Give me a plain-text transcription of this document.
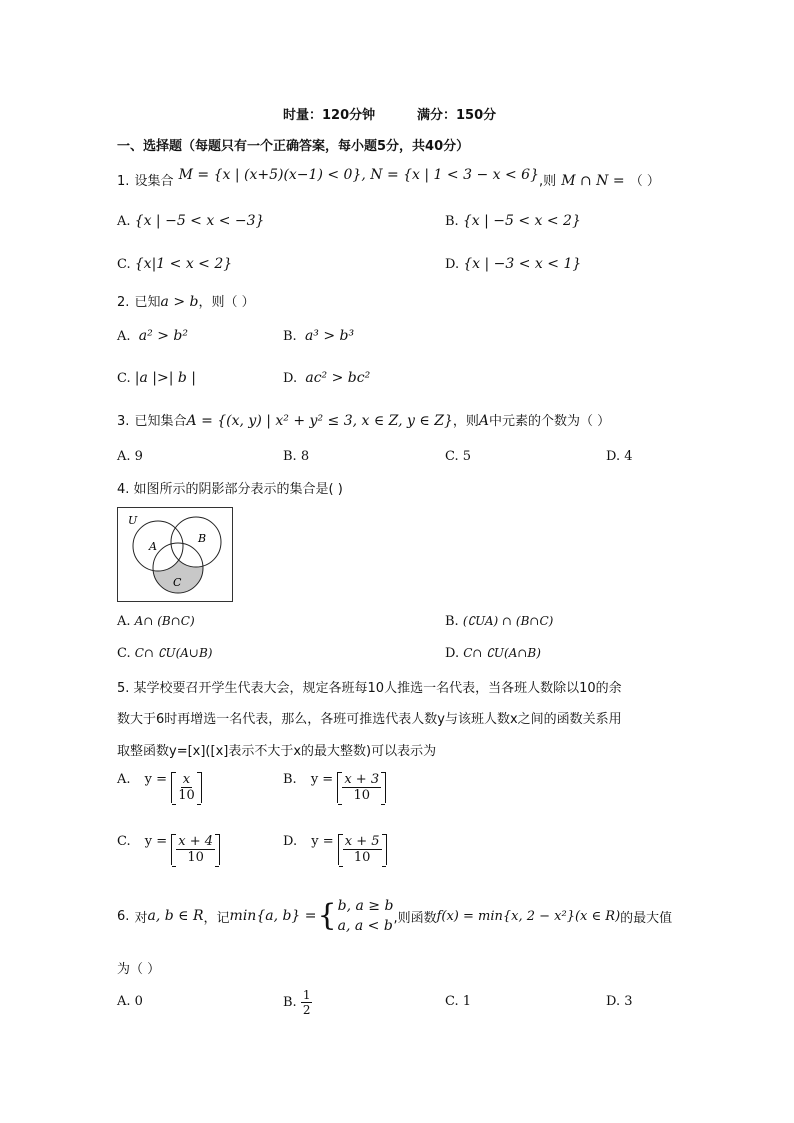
时量：120分钟	满分：150分
一、选择题（每题只有一个正确答案，每小题5分，共40分）
1. 设集合 M = {x | (x+5)(x−1) < 0}, N = {x | 1 < 3 − x < 6},则 M ∩ N = （ ）
A. {x | −5 < x < −3}	B. {x | −5 < x < 2}
C. {x|1 < x < 2}	D. {x | −3 < x < 1}
2. 已知a > b，则（ ）
A. a² > b²	B. a³ > b³
C. |a |>| b |	D. ac² > bc²
3. 已知集合A = {(x, y) | x² + y² ≤ 3, x ∈ Z, y ∈ Z}，则A中元素的个数为（ ）
A. 9	B. 8	C. 5	D. 4
4. 如图所示的阴影部分表示的集合是( )
U
A
B
C
A. A∩ (B∩C)	B. (∁UA) ∩ (B∩C)
C. C∩ ∁U(A∪B)	D. C∩ ∁U(A∩B)
5. 某学校要召开学生代表大会，规定各班每10人推选一名代表，当各班人数除以10的余
数大于6时再增选一名代表，那么，各班可推选代表人数y与该班人数x之间的函数关系用
取整函数y=[x]([x]表示不大于x的最大整数)可以表示为
A. $y = \frac{x}{10}$	B. $y = \frac{x + 3}{10}$
C. $y = \frac{x + 4}{10}$	D. $y = \frac{x + 5}{10}$
6.
对 a, b ∈ R ，记 min{a, b} = { b, a ≥ b
a, a < b ,则函数 f(x) = min{x, 2 − x²}(x ∈ R) 的最大值
为（ ）
A. 0	B.
$\frac{1}{2}$	C. 1	D. 3
